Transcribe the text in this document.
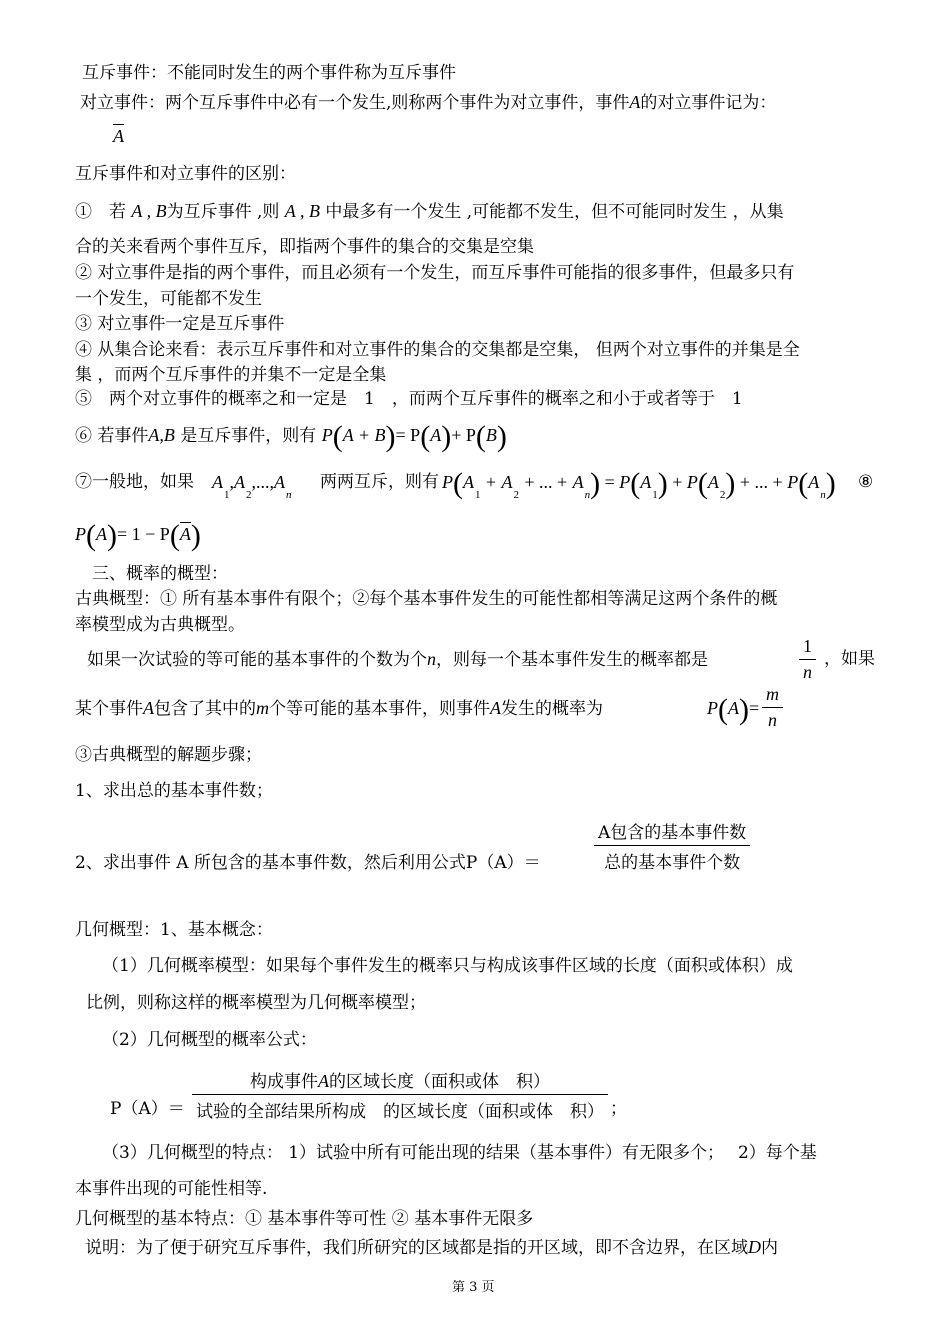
互斥事件：不能同时发生的两个事件称为互斥事件
对立事件：两个互斥事件中必有一个发生,则称两个事件为对立事件，事件A的对立事件记为：
A
互斥事件和对立事件的区别：
①　若 A , B为互斥事件 ,则 A , B 中最多有一个发生 ,可能都不发生，但不可能同时发生 ，从集
合的关来看两个事件互斥，即指两个事件的集合的交集是空集
② 对立事件是指的两个事件，而且必须有一个发生，而互斥事件可能指的很多事件，但最多只有
一个发生，可能都不发生
③ 对立事件一定是互斥事件
④ 从集合论来看：表示互斥事件和对立事件的集合的交集都是空集， 但两个对立事件的并集是全
集 ，而两个互斥事件的并集不一定是全集
⑤　两个对立事件的概率之和一定是　1　，而两个互斥事件的概率之和小于或者等于　1
⑥ 若事件A,B 是互斥事件，则有 P(A + B)= P(A)+ P(B)
⑦一般地，如果 $A_1,A_2,...,A_n$
两两互斥，则有 $P(A_1 + A_2$ + ... + $A_n) = P(A_1) + P(A_2)$ + ... + $P(A_n)$ ⑧
P(A)= 1 − P(A)
三、概率的概型：
古典概型：① 所有基本事件有限个；②每个基本事件发生的可能性都相等满足这两个条件的概
率模型成为古典概型。
如果一次试验的等可能的基本事件的个数为个n，则每一个基本事件发生的概率都是	$\frac{1}{n}$ ，如果
某个事件A包含了其中的m个等可能的基本事件，则事件A发生的概率为	$P(A)= \frac{m}{n}$
③古典概型的解题步骤；
1、求出总的基本事件数；
2、求出事件 A 所包含的基本事件数，然后利用公式P（A）＝
A包含的基本事件数
总的基本事件个数
几何概型：1、基本概念：
（1）几何概率模型：如果每个事件发生的概率只与构成该事件区域的长度（面积或体积）成
比例，则称这样的概率模型为几何概率模型；
（2）几何概型的概率公式：
构成事件A的区域长度（面积或体　积）
试验的全部结果所构成　的区域长度（面积或体　积）
P（A）＝	；
（3）几何概型的特点： 1）试验中所有可能出现的结果（基本事件）有无限多个；　 2）每个基
本事件出现的可能性相等.
几何概型的基本特点：① 基本事件等可性 ② 基本事件无限多
说明：为了便于研究互斥事件，我们所研究的区域都是指的开区域，即不含边界，在区域D内
第 3 页
